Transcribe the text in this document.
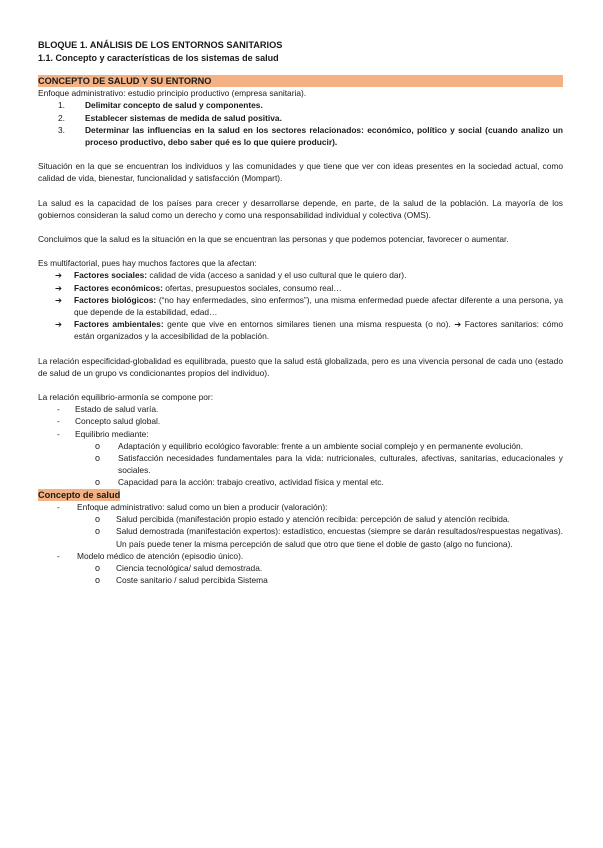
BLOQUE 1. ANÁLISIS DE LOS ENTORNOS SANITARIOS
1.1. Concepto y características de los sistemas de salud
CONCEPTO DE SALUD Y SU ENTORNO

Enfoque administrativo: estudio principio productivo (empresa sanitaria).

1. Delimitar concepto de salud y componentes.
2. Establecer sistemas de medida de salud positiva.
3. Determinar las influencias en la salud en los sectores relacionados: económico, político y social (cuando analizo un proceso productivo, debo saber qué es lo que quiere producir).

Situación en la que se encuentran los individuos y las comunidades y que tiene que ver con ideas presentes en la sociedad actual, como calidad de vida, bienestar, funcionalidad y satisfacción (Mompart).

La salud es la capacidad de los países para crecer y desarrollarse depende, en parte, de la salud de la población. La mayoría de los gobiernos consideran la salud como un derecho y como una responsabilidad individual y colectiva (OMS).

Concluimos que la salud es la situación en la que se encuentran las personas y que podemos potenciar, favorecer o aumentar.

Es multifactorial, pues hay muchos factores que la afectan:

➔ Factores sociales: calidad de vida (acceso a sanidad y el uso cultural que le quiero dar).
➔ Factores económicos: ofertas, presupuestos sociales, consumo real…
➔ Factores biológicos: (“no hay enfermedades, sino enfermos”), una misma enfermedad puede afectar diferente a una persona, ya que depende de la estabilidad, edad…
➔ Factores ambientales: gente que vive en entornos similares tienen una misma respuesta (o no). ➔ Factores sanitarios: cómo están organizados y la accesibilidad de la población.

La relación especificidad-globalidad es equilibrada, puesto que la salud está globalizada, pero es una vivencia personal de cada uno (estado de salud de un grupo vs condicionantes propios del individuo).

La relación equilibrio-armonía se compone por:

- Estado de salud varía.
- Concepto salud global.
- Equilibrio mediante:
o Adaptación y equilibrio ecológico favorable: frente a un ambiente social complejo y en permanente evolución.
o Satisfacción necesidades fundamentales para la vida: nutricionales, culturales, afectivas, sanitarias, educacionales y sociales.
o Capacidad para la acción: trabajo creativo, actividad física y mental etc.
Concepto de salud
- Enfoque administrativo: salud como un bien a producir (valoración):
o Salud percibida (manifestación propio estado y atención recibida: percepción de salud y atención recibida.
o Salud demostrada (manifestación expertos): estadístico, encuestas (siempre se darán resultados/respuestas negativas). Un país puede tener la misma percepción de salud que otro que tiene el doble de gasto (algo no funciona).
- Modelo médico de atención (episodio único).
o Ciencia tecnológica/ salud demostrada.
o Coste sanitario / salud percibida Sistema
